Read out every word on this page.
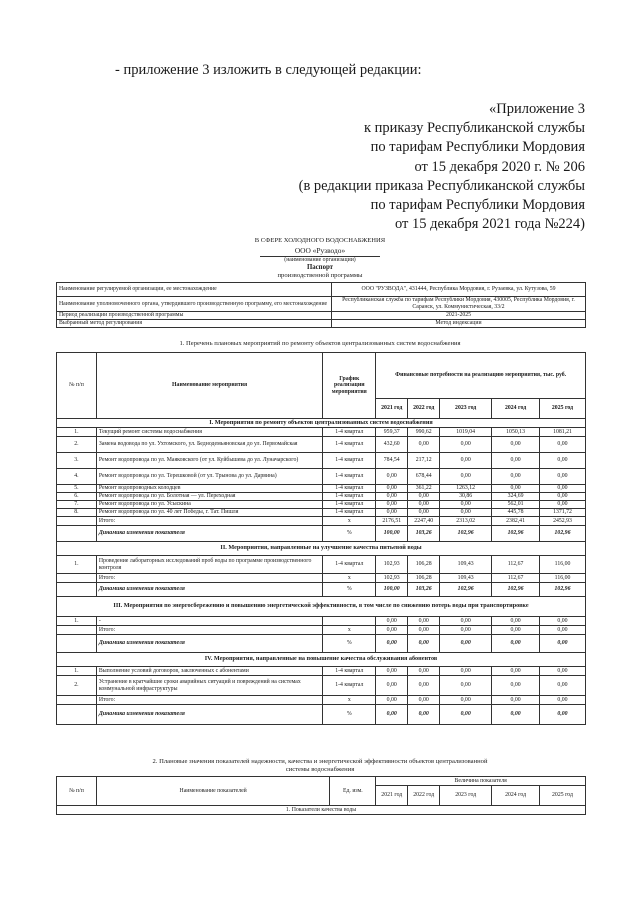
- приложение 3 изложить в следующей редакции:
«Приложение 3
к приказу Республиканской службы
по тарифам Республики Мордовия
от 15 декабря 2020 г. № 206
(в редакции приказа Республиканской службы
по тарифам Республики Мордовия
от 15 декабря 2021 года №224)
В СФЕРЕ ХОЛОДНОГО ВОДОСНАБЖЕНИЯ
ООО «Рузводо»
(наименование организации)
Паспорт
производственной программы
Наименование регулируемой организации, ее местонахождение	ООО "РУЗВОДА", 431444, Республика Мордовия, г. Рузаевка, ул. Кутузова, 59
Наименование уполномоченного органа, утвердившего производственную программу, его местонахождение	Республиканская служба по тарифам Республики Мордовия, 430005, Республика Мордовия, г. Саранск, ул. Коммунистическая, 33/2
Период реализации производственной программы	2021-2025
Выбранный метод регулирования	Метод индексации
1. Перечень плановых мероприятий по ремонту объектов централизованных систем водоснабжения
№ п/п	Наименование мероприятия	График реализации мероприятия	Финансовые потребности на реализацию мероприятия, тыс. руб.				
			2021 год	2022 год	2023 год	2024 год	2025 год
I. Мероприятия по ремонту объектов централизованных систем водоснабжения							
1.	Текущий ремонт системы водоснабжения	1-4 квартал	959,37	990,62	1019,04	1050,13	1081,21
2.	Замена водовода по ул. Ухтомского, ул. Беднодемьяновская до ул. Первомайская	1-4 квартал	432,60	0,00	0,00	0,00	0,00
3.	Ремонт водопровода по ул. Маяковского (от ул. Куйбышева до ул. Луначарского)	1-4 квартал	784,54	217,12	0,00	0,00	0,00
4.	Ремонт водопровода по ул. Терешковой (от ул. Трынова до ул. Дарвина)	1-4 квартал	0,00	678,44	0,00	0,00	0,00
5.	Ремонт водопроводных колодцев	1-4 квартал	0,00	361,22	1263,12	0,00	0,00
6.	Ремонт водопровода по ул. Болотная — ул. Переходная	1-4 квартал	0,00	0,00	30,86	324,69	0,00
7.	Ремонт водопровода по ул. Усыскина	1-4 квартал	0,00	0,00	0,00	562,01	0,00
8.	Ремонт водопровода по ул. 40 лет Победы, г. Тат. Пишля	1-4 квартал	0,00	0,00	0,00	445,78	1371,72
	Итого:	х	2176,51	2247,40	2313,02	2382,41	2452,93
	Динамика изменения показателя	%	100,00	103,26	102,96	102,96	102,96
II. Мероприятия, направленные на улучшение качества питьевой воды							
1.	Проведение лабораторных исследований проб воды по программе производственного контроля	1-4 квартал	102,93	106,28	109,43	112,67	116,00
	Итого:	х	102,93	106,28	109,43	112,67	116,00
	Динамика изменения показателя	%	100,00	103,26	102,96	102,96	102,96
III. Мероприятия по энергосбережению и повышению энергетической эффективности, в том числе по снижению потерь воды при транспортировке							
1.	-		0,00	0,00	0,00	0,00	0,00
	Итого:	х	0,00	0,00	0,00	0,00	0,00
	Динамика изменения показателя	%	0,00	0,00	0,00	0,00	0,00
IV. Мероприятия, направленные на повышение качества обслуживания абонентов							
1.	Выполнение условий договоров, заключенных с абонентами	1-4 квартал	0,00	0,00	0,00	0,00	0,00
2.	Устранение в кратчайшие сроки аварийных ситуаций и повреждений на системах коммунальной инфраструктуры	1-4 квартал	0,00	0,00	0,00	0,00	0,00
	Итого:	х	0,00	0,00	0,00	0,00	0,00
	Динамика изменения показателя	%	0,00	0,00	0,00	0,00	0,00
2. Плановые значения показателей надежности, качества и энергетической эффективности объектов централизованной системы водоснабжения
№ п/п	Наименование показателей	Ед. изм.	Величина показателя				
			2021 год	2022 год	2023 год	2024 год	2025 год
1. Показатели качества воды							
